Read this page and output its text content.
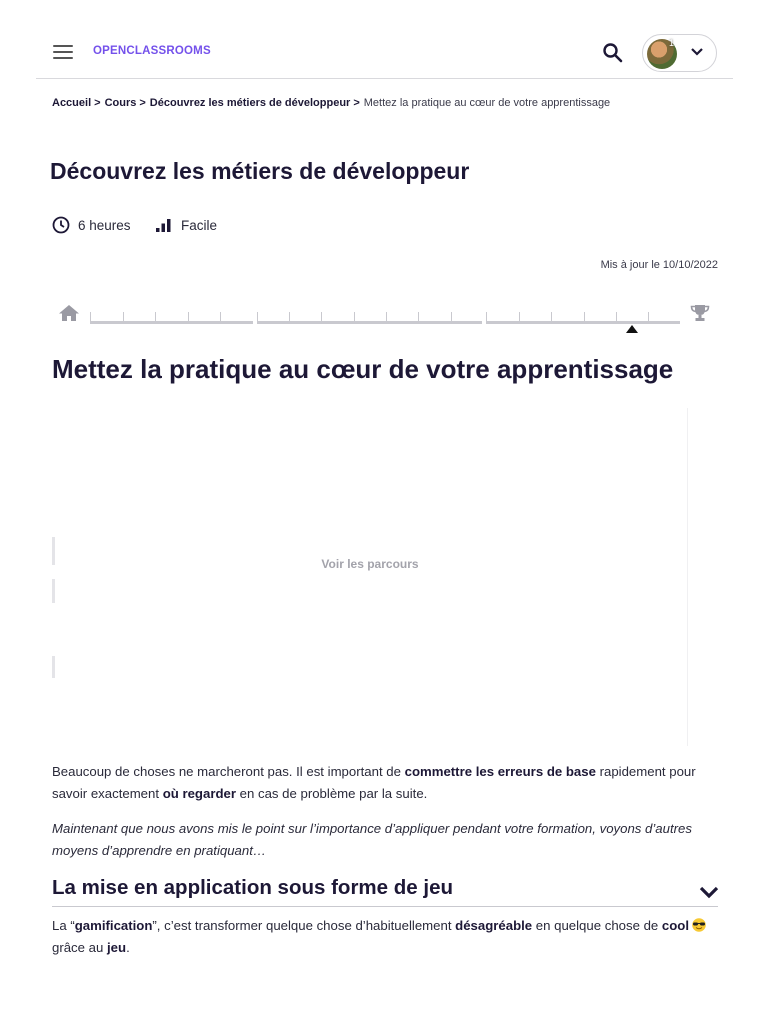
OPENCLASSROOMS
1
Accueil > Cours > Découvrez les métiers de développeur > Mettez la pratique au cœur de votre apprentissage
Découvrez les métiers de développeur
6 heures	Facile
Mis à jour le 10/10/2022
Mettez la pratique au cœur de votre apprentissage
Voir les parcours

Beaucoup de choses ne marcheront pas. Il est important de commettre les erreurs de base rapidement pour savoir exactement où regarder en cas de problème par la suite.

Maintenant que nous avons mis le point sur l’importance d’appliquer pendant votre formation, voyons d’autres moyens d’apprendre en pratiquant…

La mise en application sous forme de jeu

La “gamification”, c’est transformer quelque chose d’habituellement désagréable en quelque chose de cool grâce au jeu.
